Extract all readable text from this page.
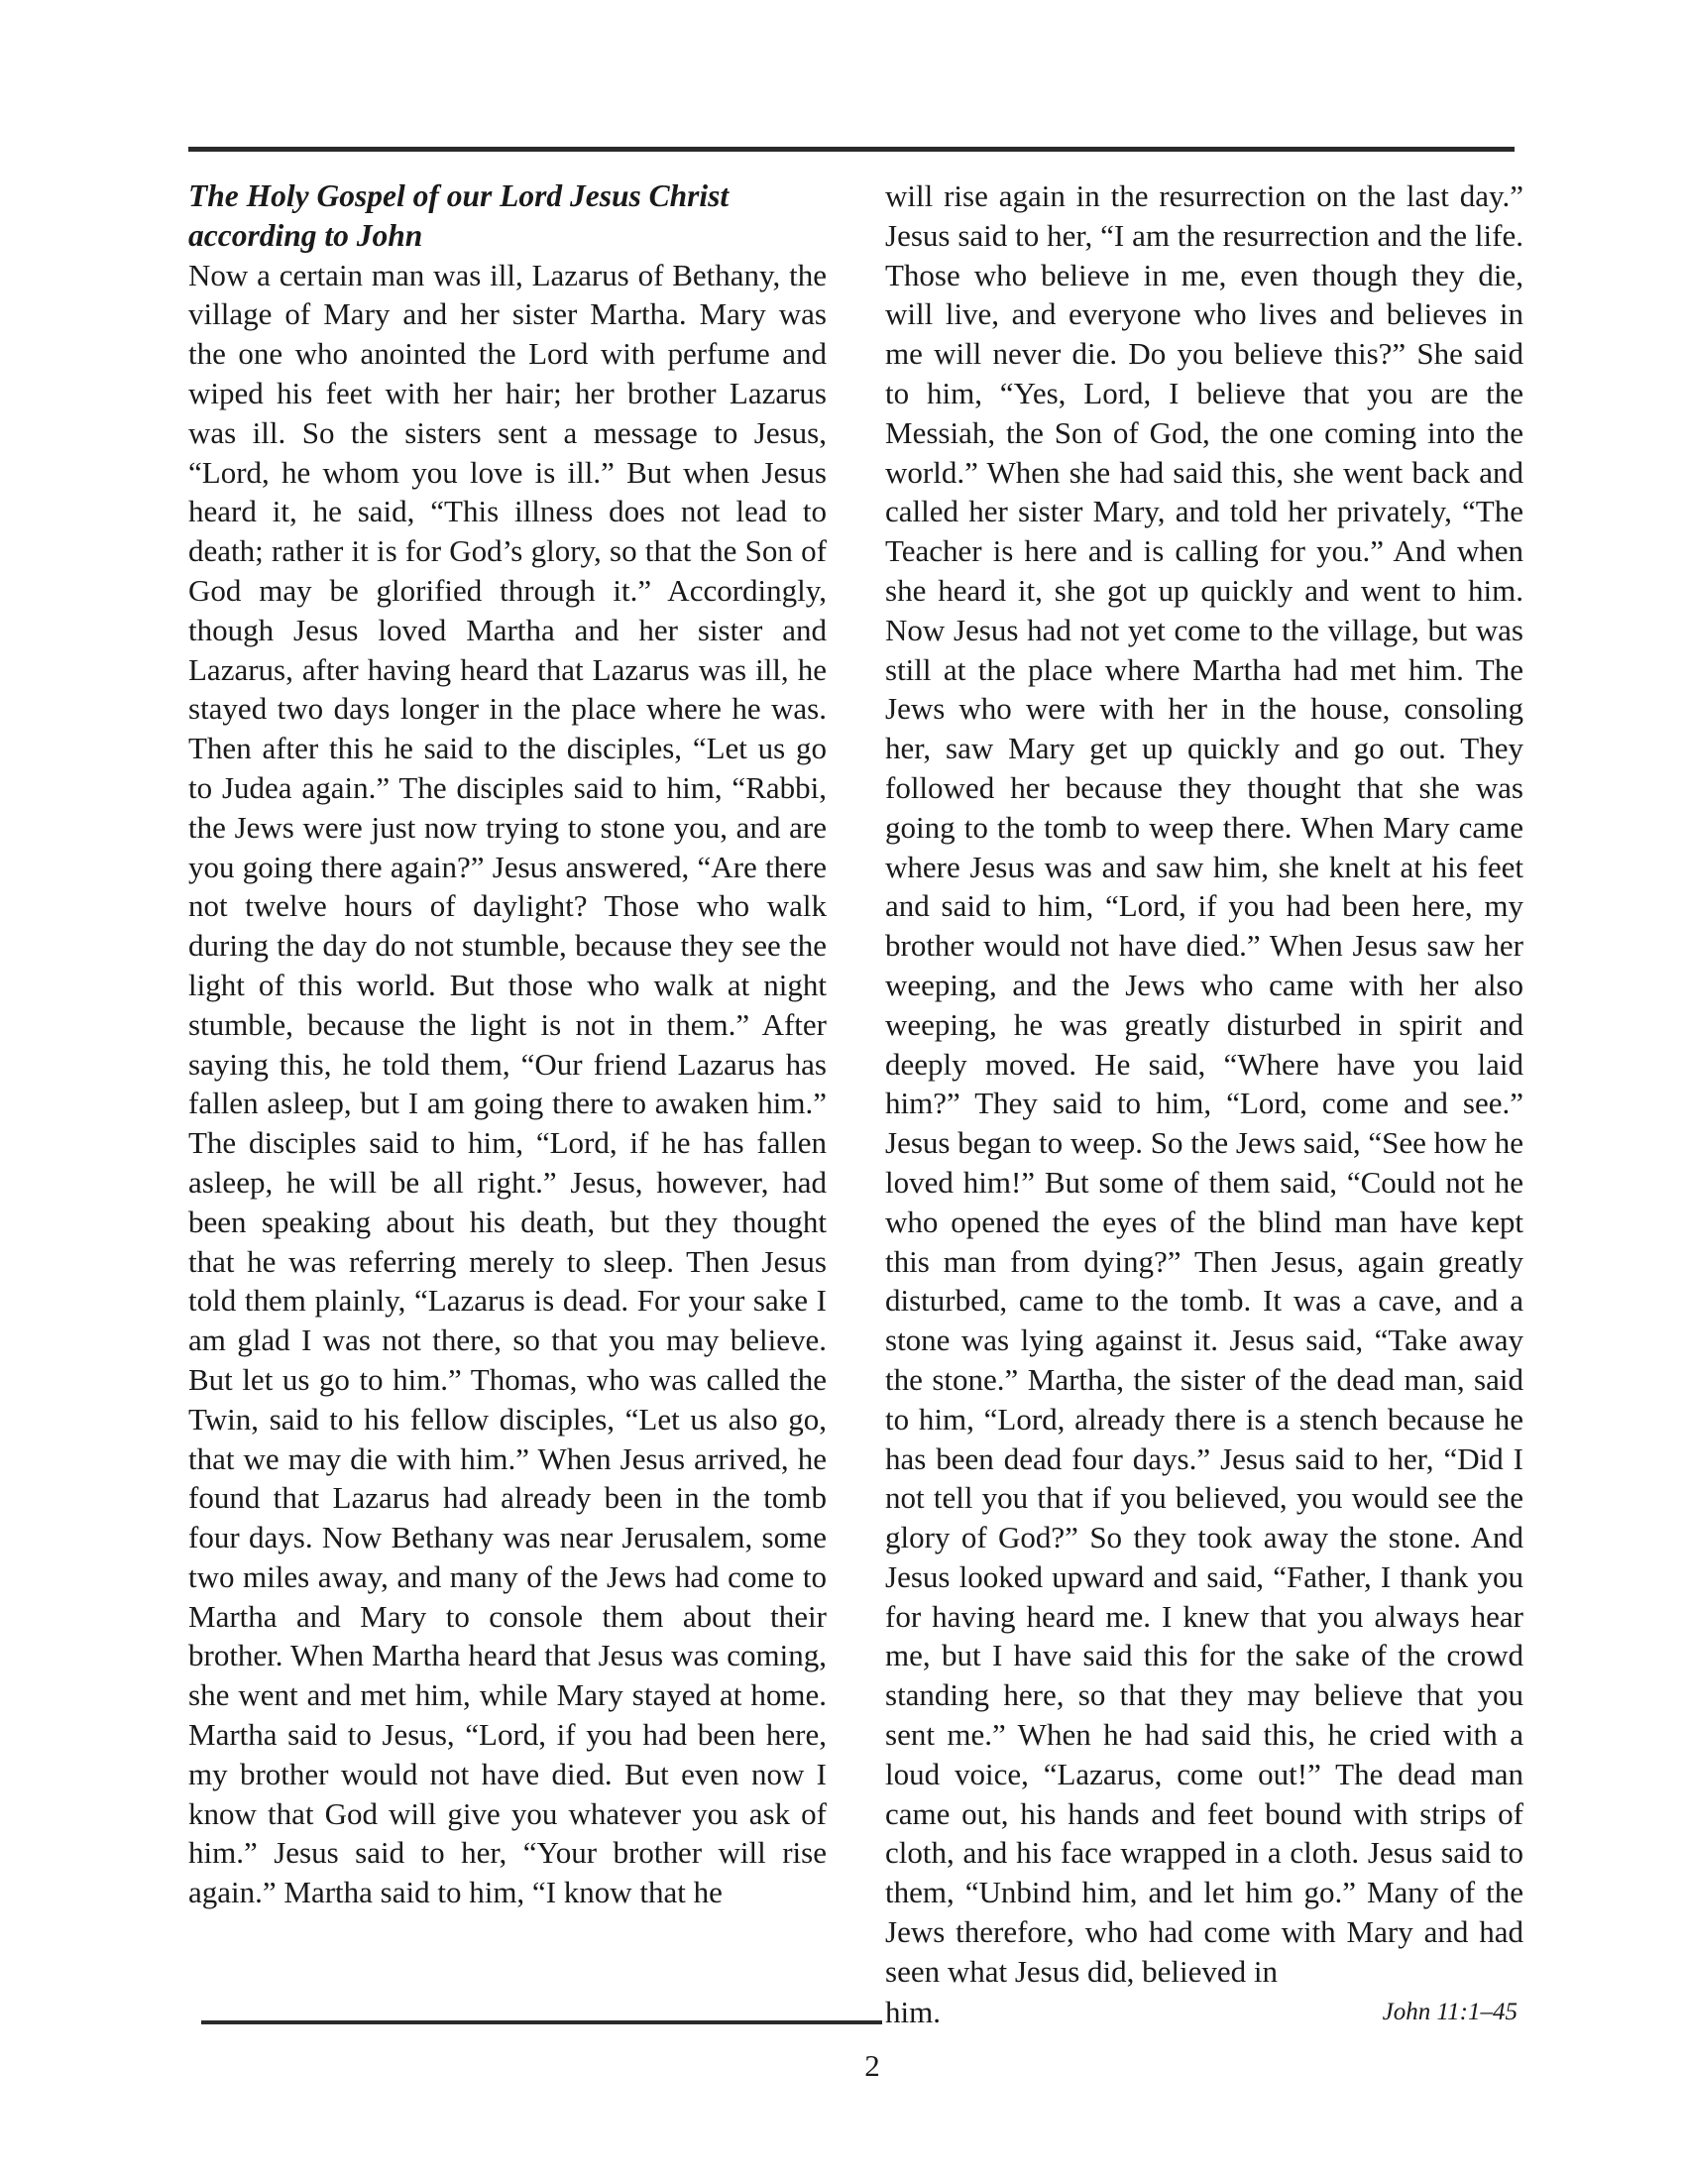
The Holy Gospel of our Lord Jesus Christ
according to John
Now a certain man was ill, Lazarus of Bethany, the village of Mary and her sister Martha. Mary was the one who anointed the Lord with perfume and wiped his feet with her hair; her brother Lazarus was ill. So the sisters sent a message to Jesus, “Lord, he whom you love is ill.” But when Jesus heard it, he said, “This illness does not lead to death; rather it is for God’s glory, so that the Son of God may be glorified through it.” Accordingly, though Jesus loved Martha and her sister and Lazarus, after having heard that Lazarus was ill, he stayed two days longer in the place where he was. Then after this he said to the disciples, “Let us go to Judea again.” The disciples said to him, “Rabbi, the Jews were just now trying to stone you, and are you going there again?” Jesus answered, “Are there not twelve hours of daylight? Those who walk during the day do not stumble, because they see the light of this world. But those who walk at night stumble, because the light is not in them.” After saying this, he told them, “Our friend Lazarus has fallen asleep, but I am going there to awaken him.” The disciples said to him, “Lord, if he has fallen asleep, he will be all right.” Jesus, however, had been speaking about his death, but they thought that he was referring merely to sleep. Then Jesus told them plainly, “Lazarus is dead. For your sake I am glad I was not there, so that you may believe. But let us go to him.” Thomas, who was called the Twin, said to his fellow disciples, “Let us also go, that we may die with him.” When Jesus arrived, he found that Lazarus had already been in the tomb four days. Now Bethany was near Jerusalem, some two miles away, and many of the Jews had come to Martha and Mary to console them about their brother. When Martha heard that Jesus was coming, she went and met him, while Mary stayed at home. Martha said to Jesus, “Lord, if you had been here, my brother would not have died. But even now I know that God will give you whatever you ask of him.” Jesus said to her, “Your brother will rise again.” Martha said to him, “I know that he
will rise again in the resurrection on the last day.” Jesus said to her, “I am the resurrection and the life. Those who believe in me, even though they die, will live, and everyone who lives and believes in me will never die. Do you believe this?” She said to him, “Yes, Lord, I believe that you are the Messiah, the Son of God, the one coming into the world.” When she had said this, she went back and called her sister Mary, and told her privately, “The Teacher is here and is calling for you.” And when she heard it, she got up quickly and went to him. Now Jesus had not yet come to the village, but was still at the place where Martha had met him. The Jews who were with her in the house, consoling her, saw Mary get up quickly and go out. They followed her because they thought that she was going to the tomb to weep there. When Mary came where Jesus was and saw him, she knelt at his feet and said to him, “Lord, if you had been here, my brother would not have died.” When Jesus saw her weeping, and the Jews who came with her also weeping, he was greatly disturbed in spirit and deeply moved. He said, “Where have you laid him?” They said to him, “Lord, come and see.” Jesus began to weep. So the Jews said, “See how he loved him!” But some of them said, “Could not he who opened the eyes of the blind man have kept this man from dying?” Then Jesus, again greatly disturbed, came to the tomb. It was a cave, and a stone was lying against it. Jesus said, “Take away the stone.” Martha, the sister of the dead man, said to him, “Lord, already there is a stench because he has been dead four days.” Jesus said to her, “Did I not tell you that if you believed, you would see the glory of God?” So they took away the stone. And Jesus looked upward and said, “Father, I thank you for having heard me. I knew that you always hear me, but I have said this for the sake of the crowd standing here, so that they may believe that you sent me.” When he had said this, he cried with a loud voice, “Lazarus, come out!” The dead man came out, his hands and feet bound with strips of cloth, and his face wrapped in a cloth. Jesus said to them, “Unbind him, and let him go.” Many of the Jews therefore, who had come with Mary and had seen what Jesus did, believed in
him.	John 11:1–45
2
